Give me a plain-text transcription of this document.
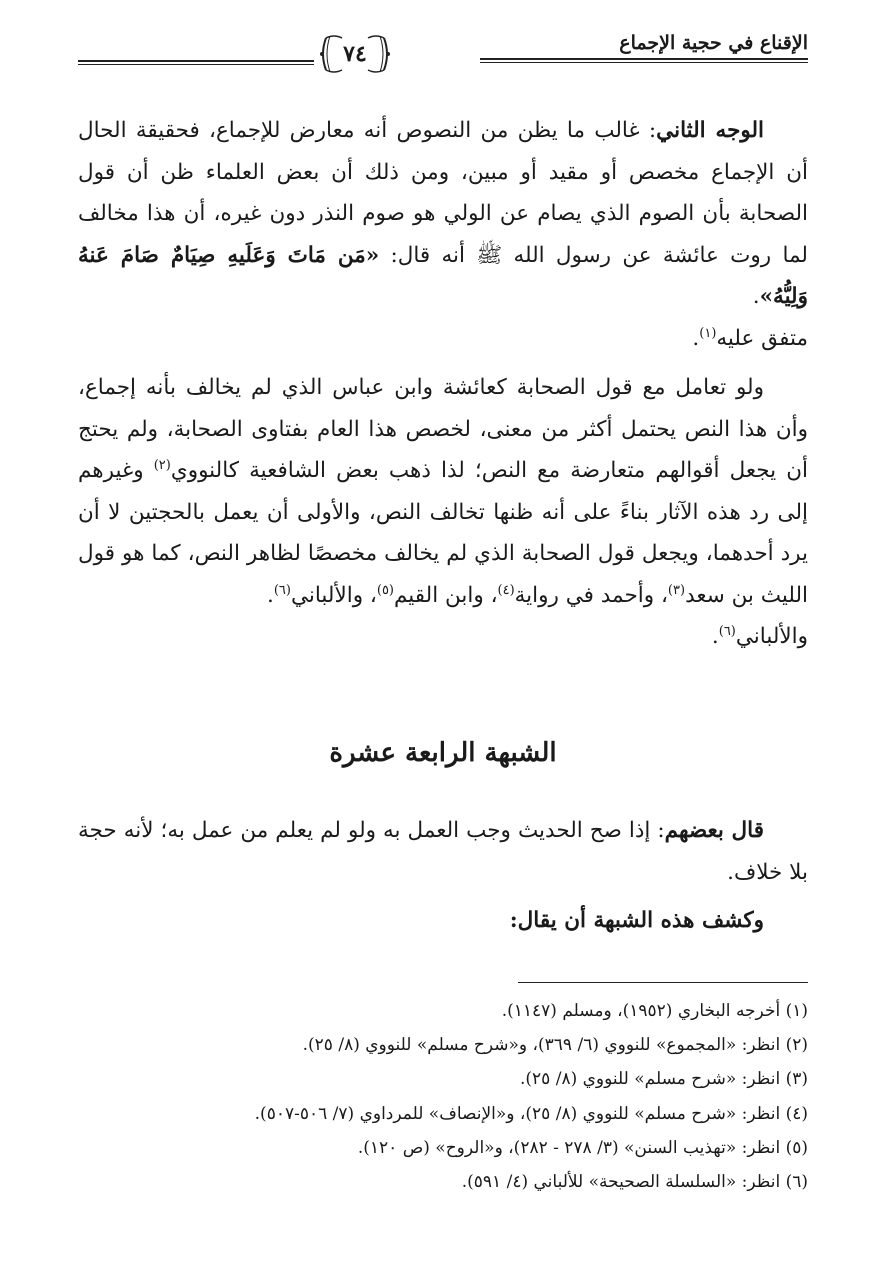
الإقناع في حجية الإجماع
٧٤

الوجه الثاني: غالب ما يظن من النصوص أنه معارض للإجماع، فحقيقة الحال أن الإجماع مخصص أو مقيد أو مبين، ومن ذلك أن بعض العلماء ظن أن قول الصحابة بأن الصوم الذي يصام عن الولي هو صوم النذر دون غيره، أن هذا مخالف لما روت عائشة عن رسول الله ﷺ أنه قال: «مَن مَاتَ وَعَلَيهِ صِيَامٌ صَامَ عَنهُ وَلِيُّهُ».
متفق عليه$^{(١)}$.

ولو تعامل مع قول الصحابة كعائشة وابن عباس الذي لم يخالف بأنه إجماع، وأن هذا النص يحتمل أكثر من معنى، لخصص هذا العام بفتاوى الصحابة، ولم يحتج أن يجعل أقوالهم متعارضة مع النص؛ لذا ذهب بعض الشافعية كالنووي$^{(٢)}$ وغيرهم إلى رد هذه الآثار بناءً على أنه ظنها تخالف النص، والأولى أن يعمل بالحجتين لا أن يرد أحدهما، ويجعل قول الصحابة الذي لم يخالف مخصصًا لظاهر النص، كما هو قول الليث بن سعد$^{(٣)}$، وأحمد في رواية$^{(٤)}$، وابن القيم$^{(٥)}$، والألباني$^{(٦)}$.
والألباني$^{(٦)}$.

الشبهة الرابعة عشرة

قال بعضهم: إذا صح الحديث وجب العمل به ولو لم يعلم من عمل به؛ لأنه حجة بلا خلاف.

وكشف هذه الشبهة أن يقال:

(١) أخرجه البخاري (١٩٥٢)، ومسلم (١١٤٧).
(٢) انظر: «المجموع» للنووي (٦/ ٣٦٩)، و«شرح مسلم» للنووي (٨/ ٢٥).
(٣) انظر: «شرح مسلم» للنووي (٨/ ٢٥).
(٤) انظر: «شرح مسلم» للنووي (٨/ ٢٥)، و«الإنصاف» للمرداوي (٧/ ٥٠٦-٥٠٧).
(٥) انظر: «تهذيب السنن» (٣/ ٢٧٨ - ٢٨٢)، و«الروح» (ص ١٢٠).
(٦) انظر: «السلسلة الصحيحة» للألباني (٤/ ٥٩١).
